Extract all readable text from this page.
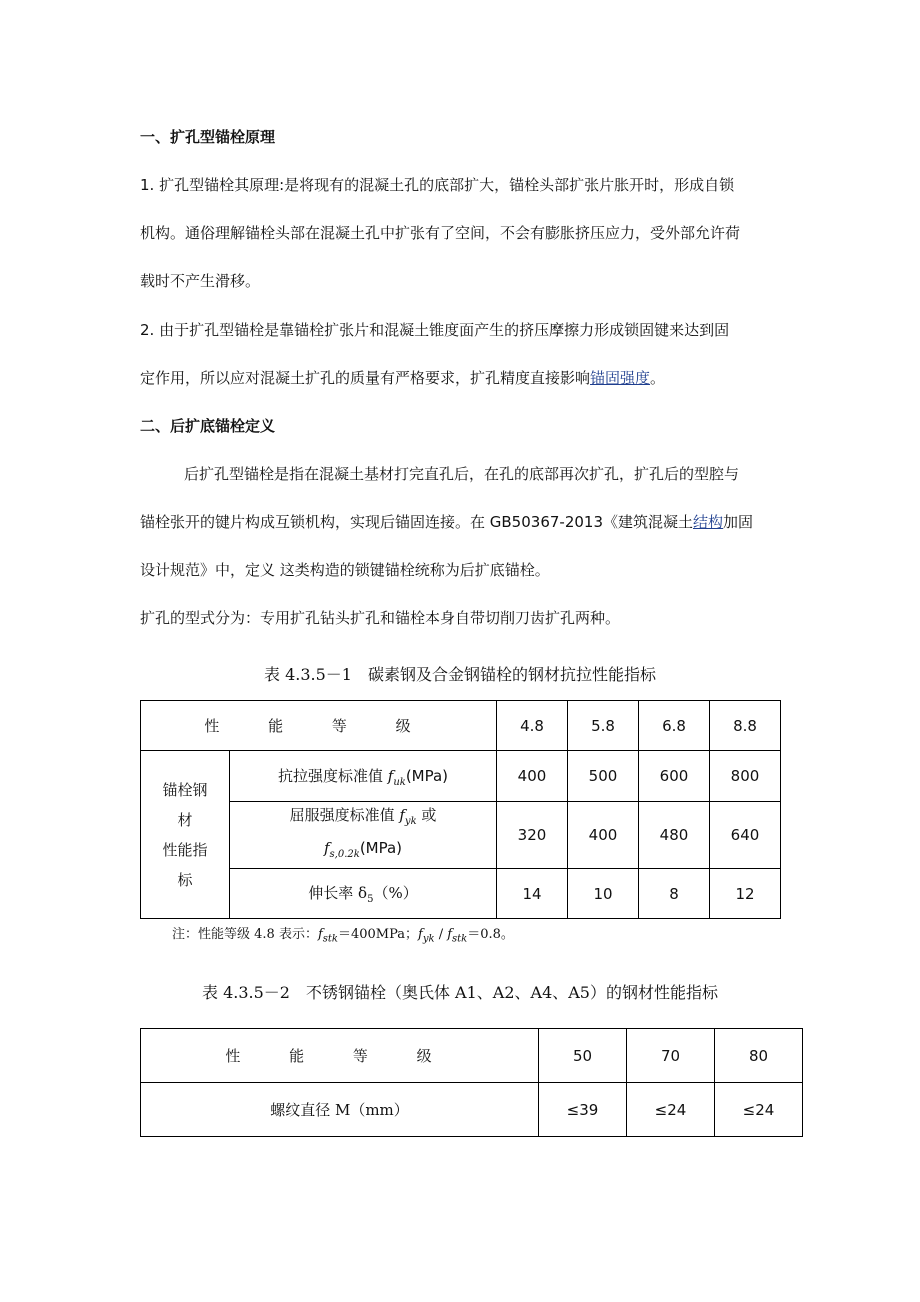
一、扩孔型锚栓原理

1. 扩孔型锚栓其原理:是将现有的混凝土孔的底部扩大，锚栓头部扩张片胀开时，形成自锁
机构。通俗理解锚栓头部在混凝土孔中扩张有了空间，不会有膨胀挤压应力，受外部允许荷
载时不产生滑移。

2. 由于扩孔型锚栓是靠锚栓扩张片和混凝土锥度面产生的挤压摩擦力形成锁固键来达到固
定作用，所以应对混凝土扩孔的质量有严格要求，扩孔精度直接影响锚固强度。

二、后扩底锚栓定义

后扩孔型锚栓是指在混凝土基材打完直孔后，在孔的底部再次扩孔，扩孔后的型腔与
锚栓张开的键片构成互锁机构，实现后锚固连接。在 GB50367-2013《建筑混凝土结构加固
设计规范》中，定义 这类构造的锁键锚栓统称为后扩底锚栓。

扩孔的型式分为：专用扩孔钻头扩孔和锚栓本身自带切削刀齿扩孔两种。

表 4.3.5－1　碳素钢及合金钢锚栓的钢材抗拉性能指标

性 能 等 级		4.8	5.8	6.8	8.8

锚栓钢
材
性能指
标	抗拉强度标准值 $f_{uk}(MPa)$	400	500	600	800

	屈服强度标准值 $f_{yk}$ 或
$f_{s,0.2k}(MPa)$	320	400	480	640
	伸长率 $\delta_5(\%)$	14	10	8	12

注：性能等级 4.8 表示：$f_{stk}=400MPa$；$f_{yk} / f_{stk}=0.8$。

表 4.3.5－2　不锈钢锚栓（奥氏体 A1、A2、A4、A5）的钢材性能指标

性 能 等 级	50	70	80
螺纹直径 M（mm）	≤39	≤24	≤24
